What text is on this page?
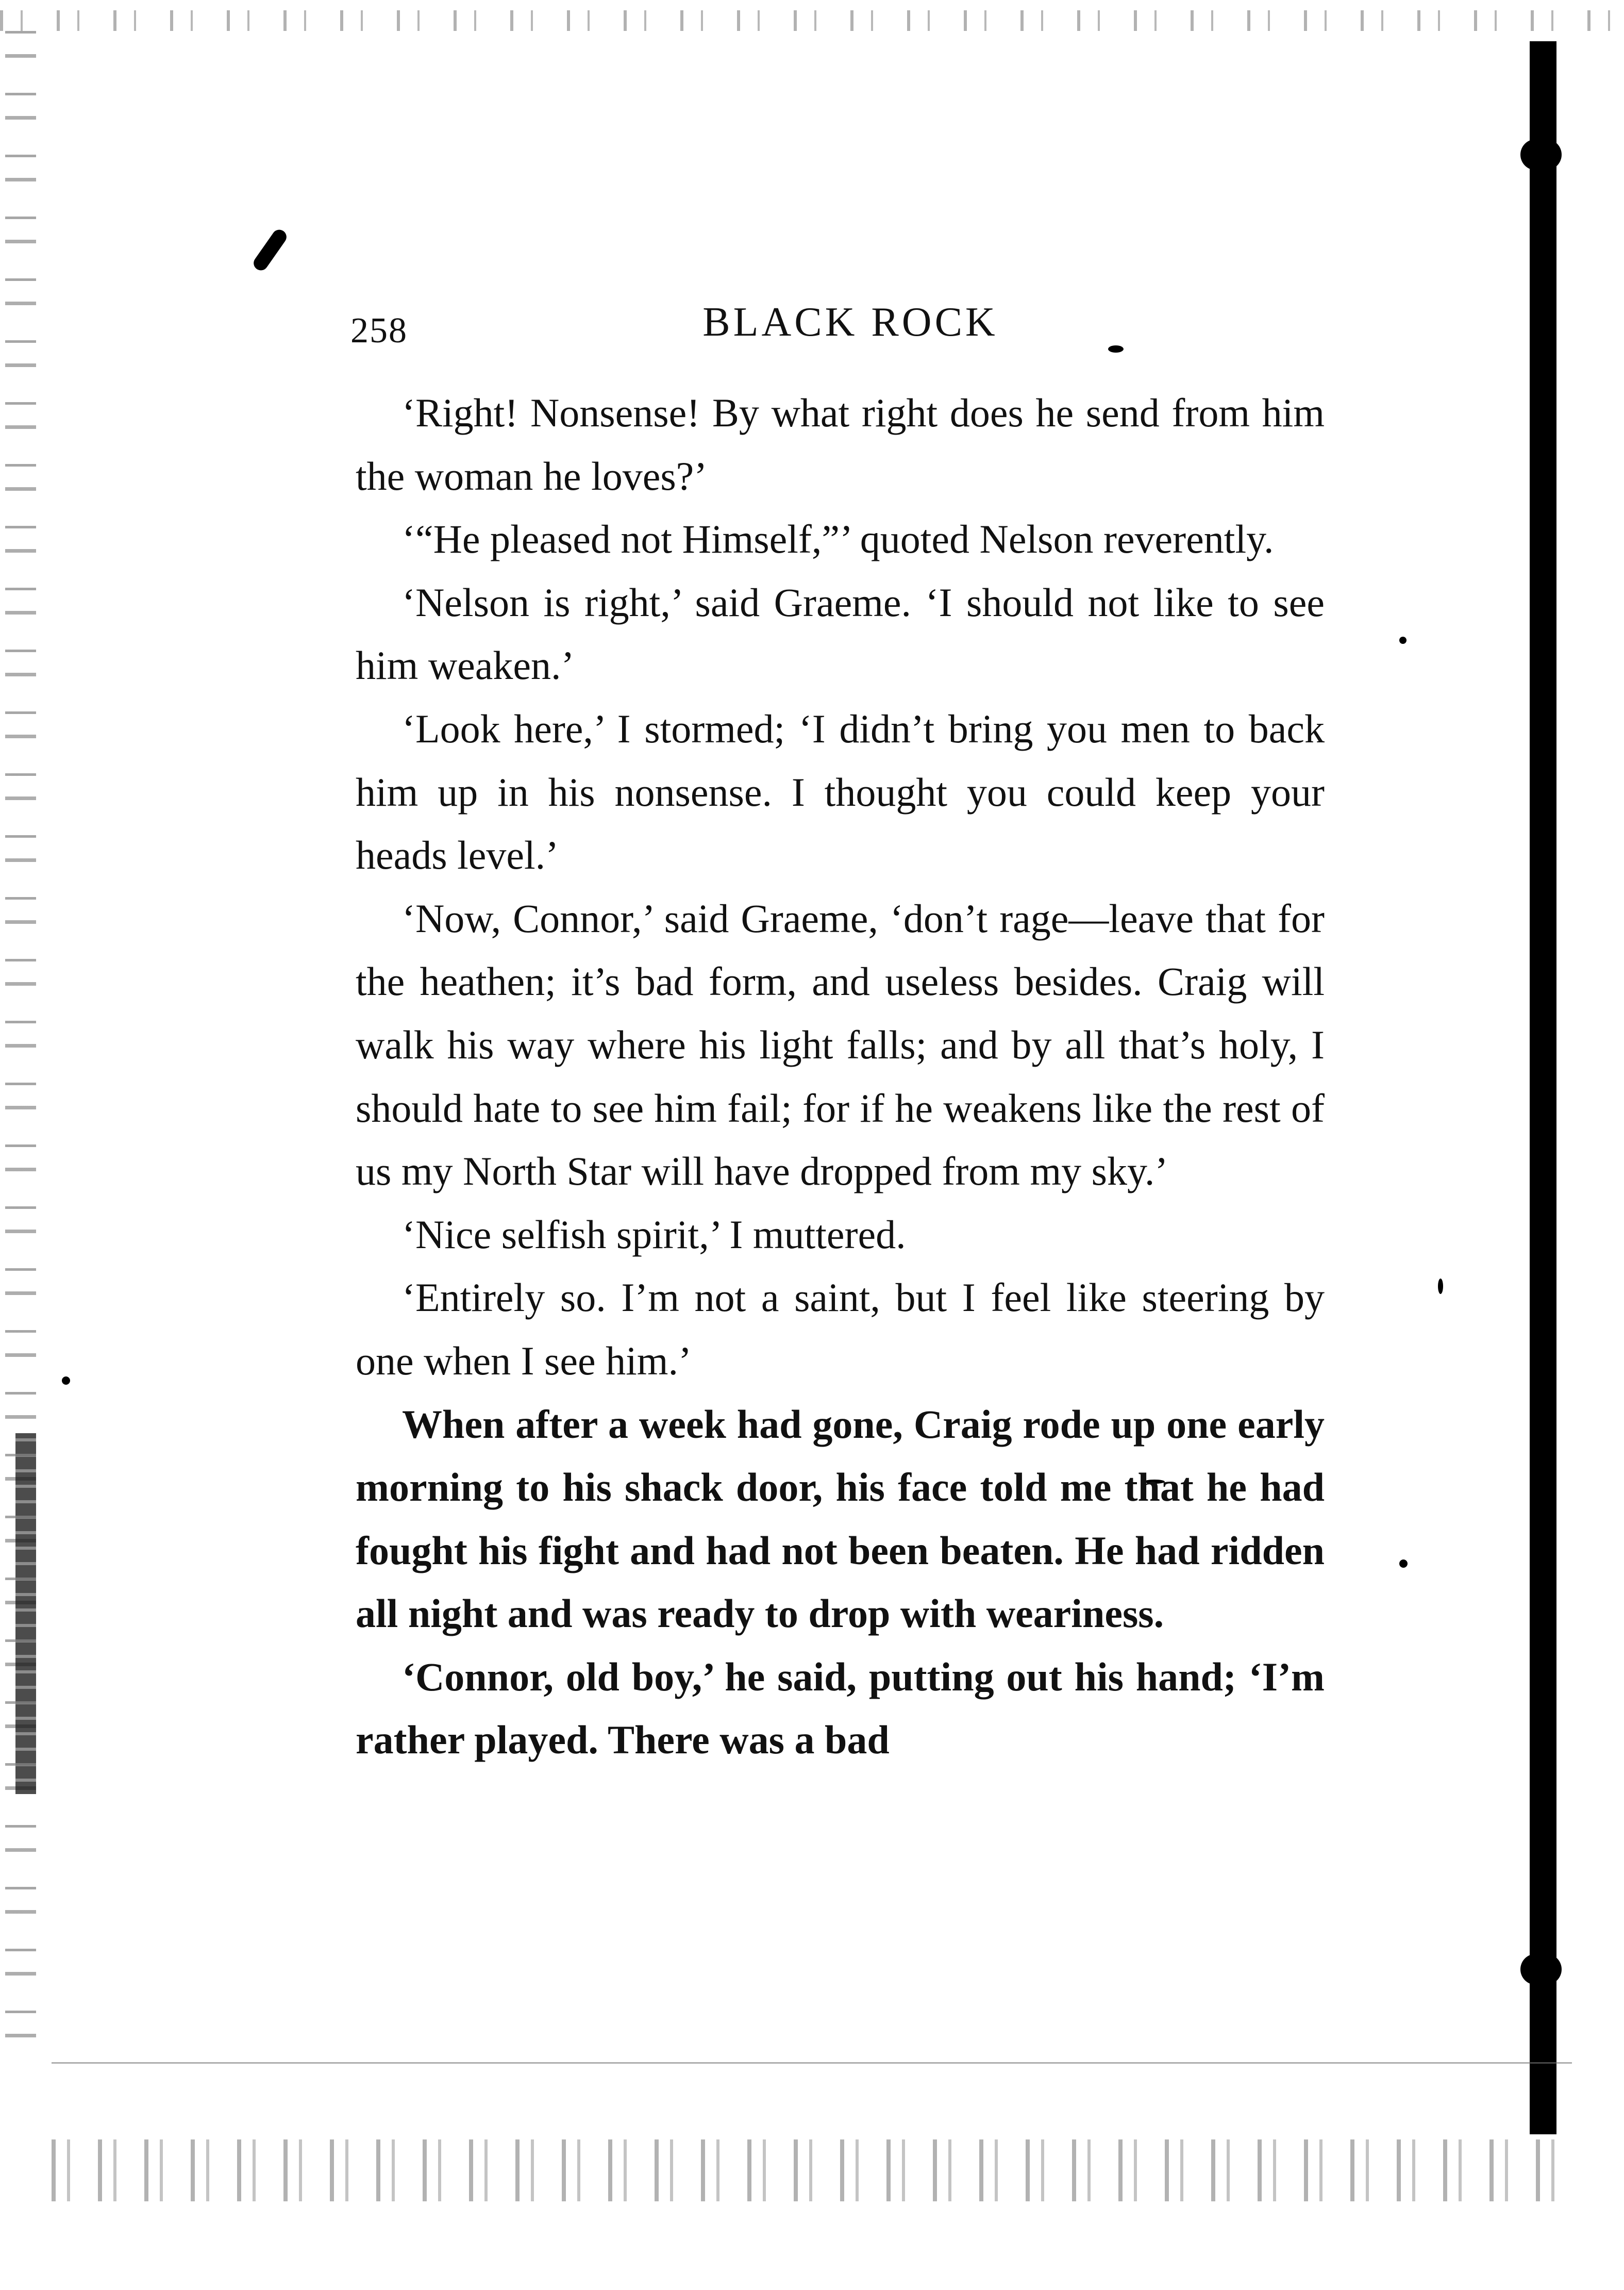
258	BLACK ROCK

‘Right! Nonsense! By what right does he send from him the woman he loves?’

‘“He pleased not Himself,”’ quoted Nelson reverently.

‘Nelson is right,’ said Graeme. ‘I should not like to see him weaken.’

‘Look here,’ I stormed; ‘I didn’t bring you men to back him up in his nonsense. I thought you could keep your heads level.’

‘Now, Connor,’ said Graeme, ‘don’t rage—leave that for the heathen; it’s bad form, and useless besides. Craig will walk his way where his light falls; and by all that’s holy, I should hate to see him fail; for if he weakens like the rest of us my North Star will have dropped from my sky.’

‘Nice selfish spirit,’ I muttered.

‘Entirely so. I’m not a saint, but I feel like steering by one when I see him.’

When after a week had gone, Craig rode up one early morning to his shack door, his face told me that he had fought his fight and had not been beaten. He had ridden all night and was ready to drop with weariness.

‘Connor, old boy,’ he said, putting out his hand; ‘I’m rather played. There was a bad
